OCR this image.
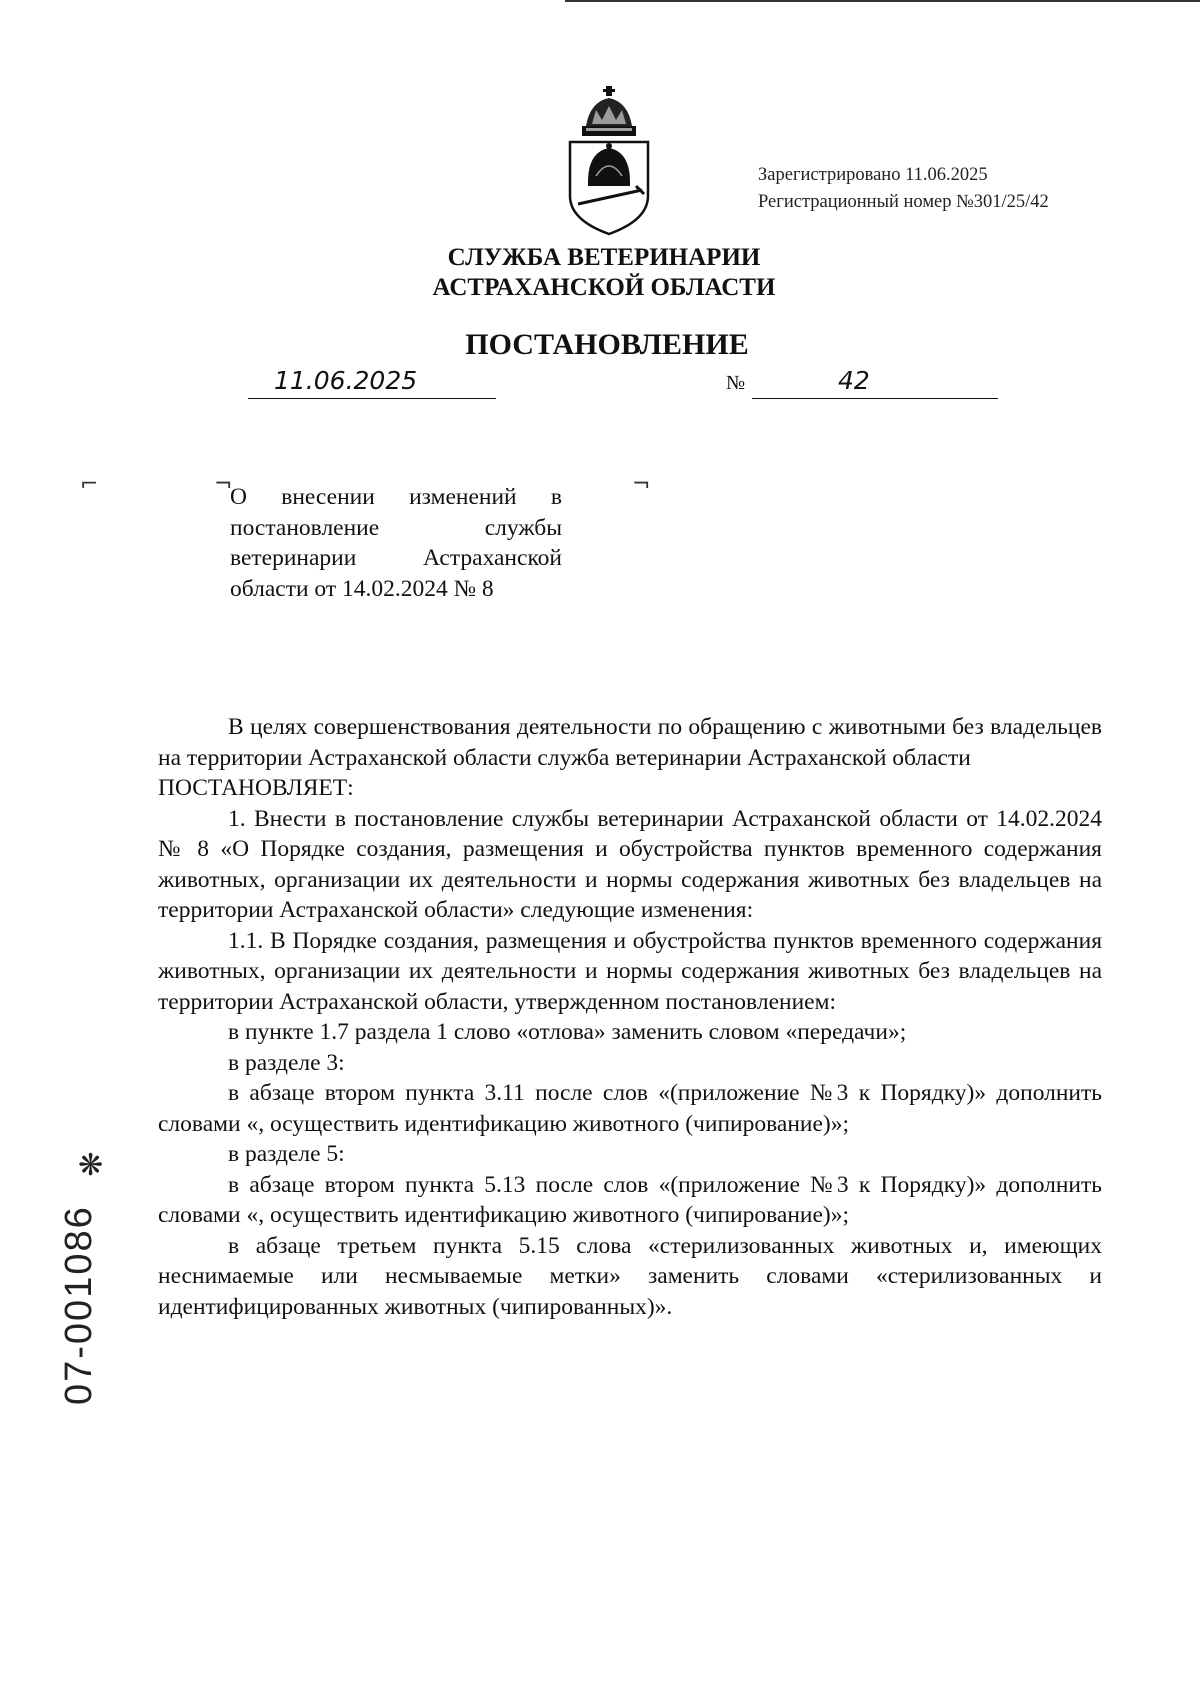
Зарегистрировано 11.06.2025
Регистрационный номер №301/25/42
СЛУЖБА ВЕТЕРИНАРИИ
АСТРАХАНСКОЙ ОБЛАСТИ
ПОСТАНОВЛЕНИЕ
11.06.2025	№	42
⌐	¬	¬
О внесении изменений в постановление службы ветеринарии Астраханской области от 14.02.2024 № 8

В целях совершенствования деятельности по обращению с животными без владельцев на территории Астраханской области служба ветеринарии Астраханской области

ПОСТАНОВЛЯЕТ:

1. Внести в постановление службы ветеринарии Астраханской области от 14.02.2024 № 8 «О Порядке создания, размещения и обустройства пунктов временного содержания животных, организации их деятельности и нормы содержания животных без владельцев на территории Астраханской области» следующие изменения:

1.1. В Порядке создания, размещения и обустройства пунктов временного содержания животных, организации их деятельности и нормы содержания животных без владельцев на территории Астраханской области, утвержденном постановлением:

в пункте 1.7 раздела 1 слово «отлова» заменить словом «передачи»;

в разделе 3:

в абзаце втором пункта 3.11 после слов «(приложение №3 к Порядку)» дополнить словами «, осуществить идентификацию животного (чипирование)»;

в разделе 5:

в абзаце втором пункта 5.13 после слов «(приложение №3 к Порядку)» дополнить словами «, осуществить идентификацию животного (чипирование)»;

в абзаце третьем пункта 5.15 слова «стерилизованных животных и, имеющих неснимаемые или несмываемые метки» заменить словами «стерилизованных и идентифицированных животных (чипированных)».

❋
07-001086
